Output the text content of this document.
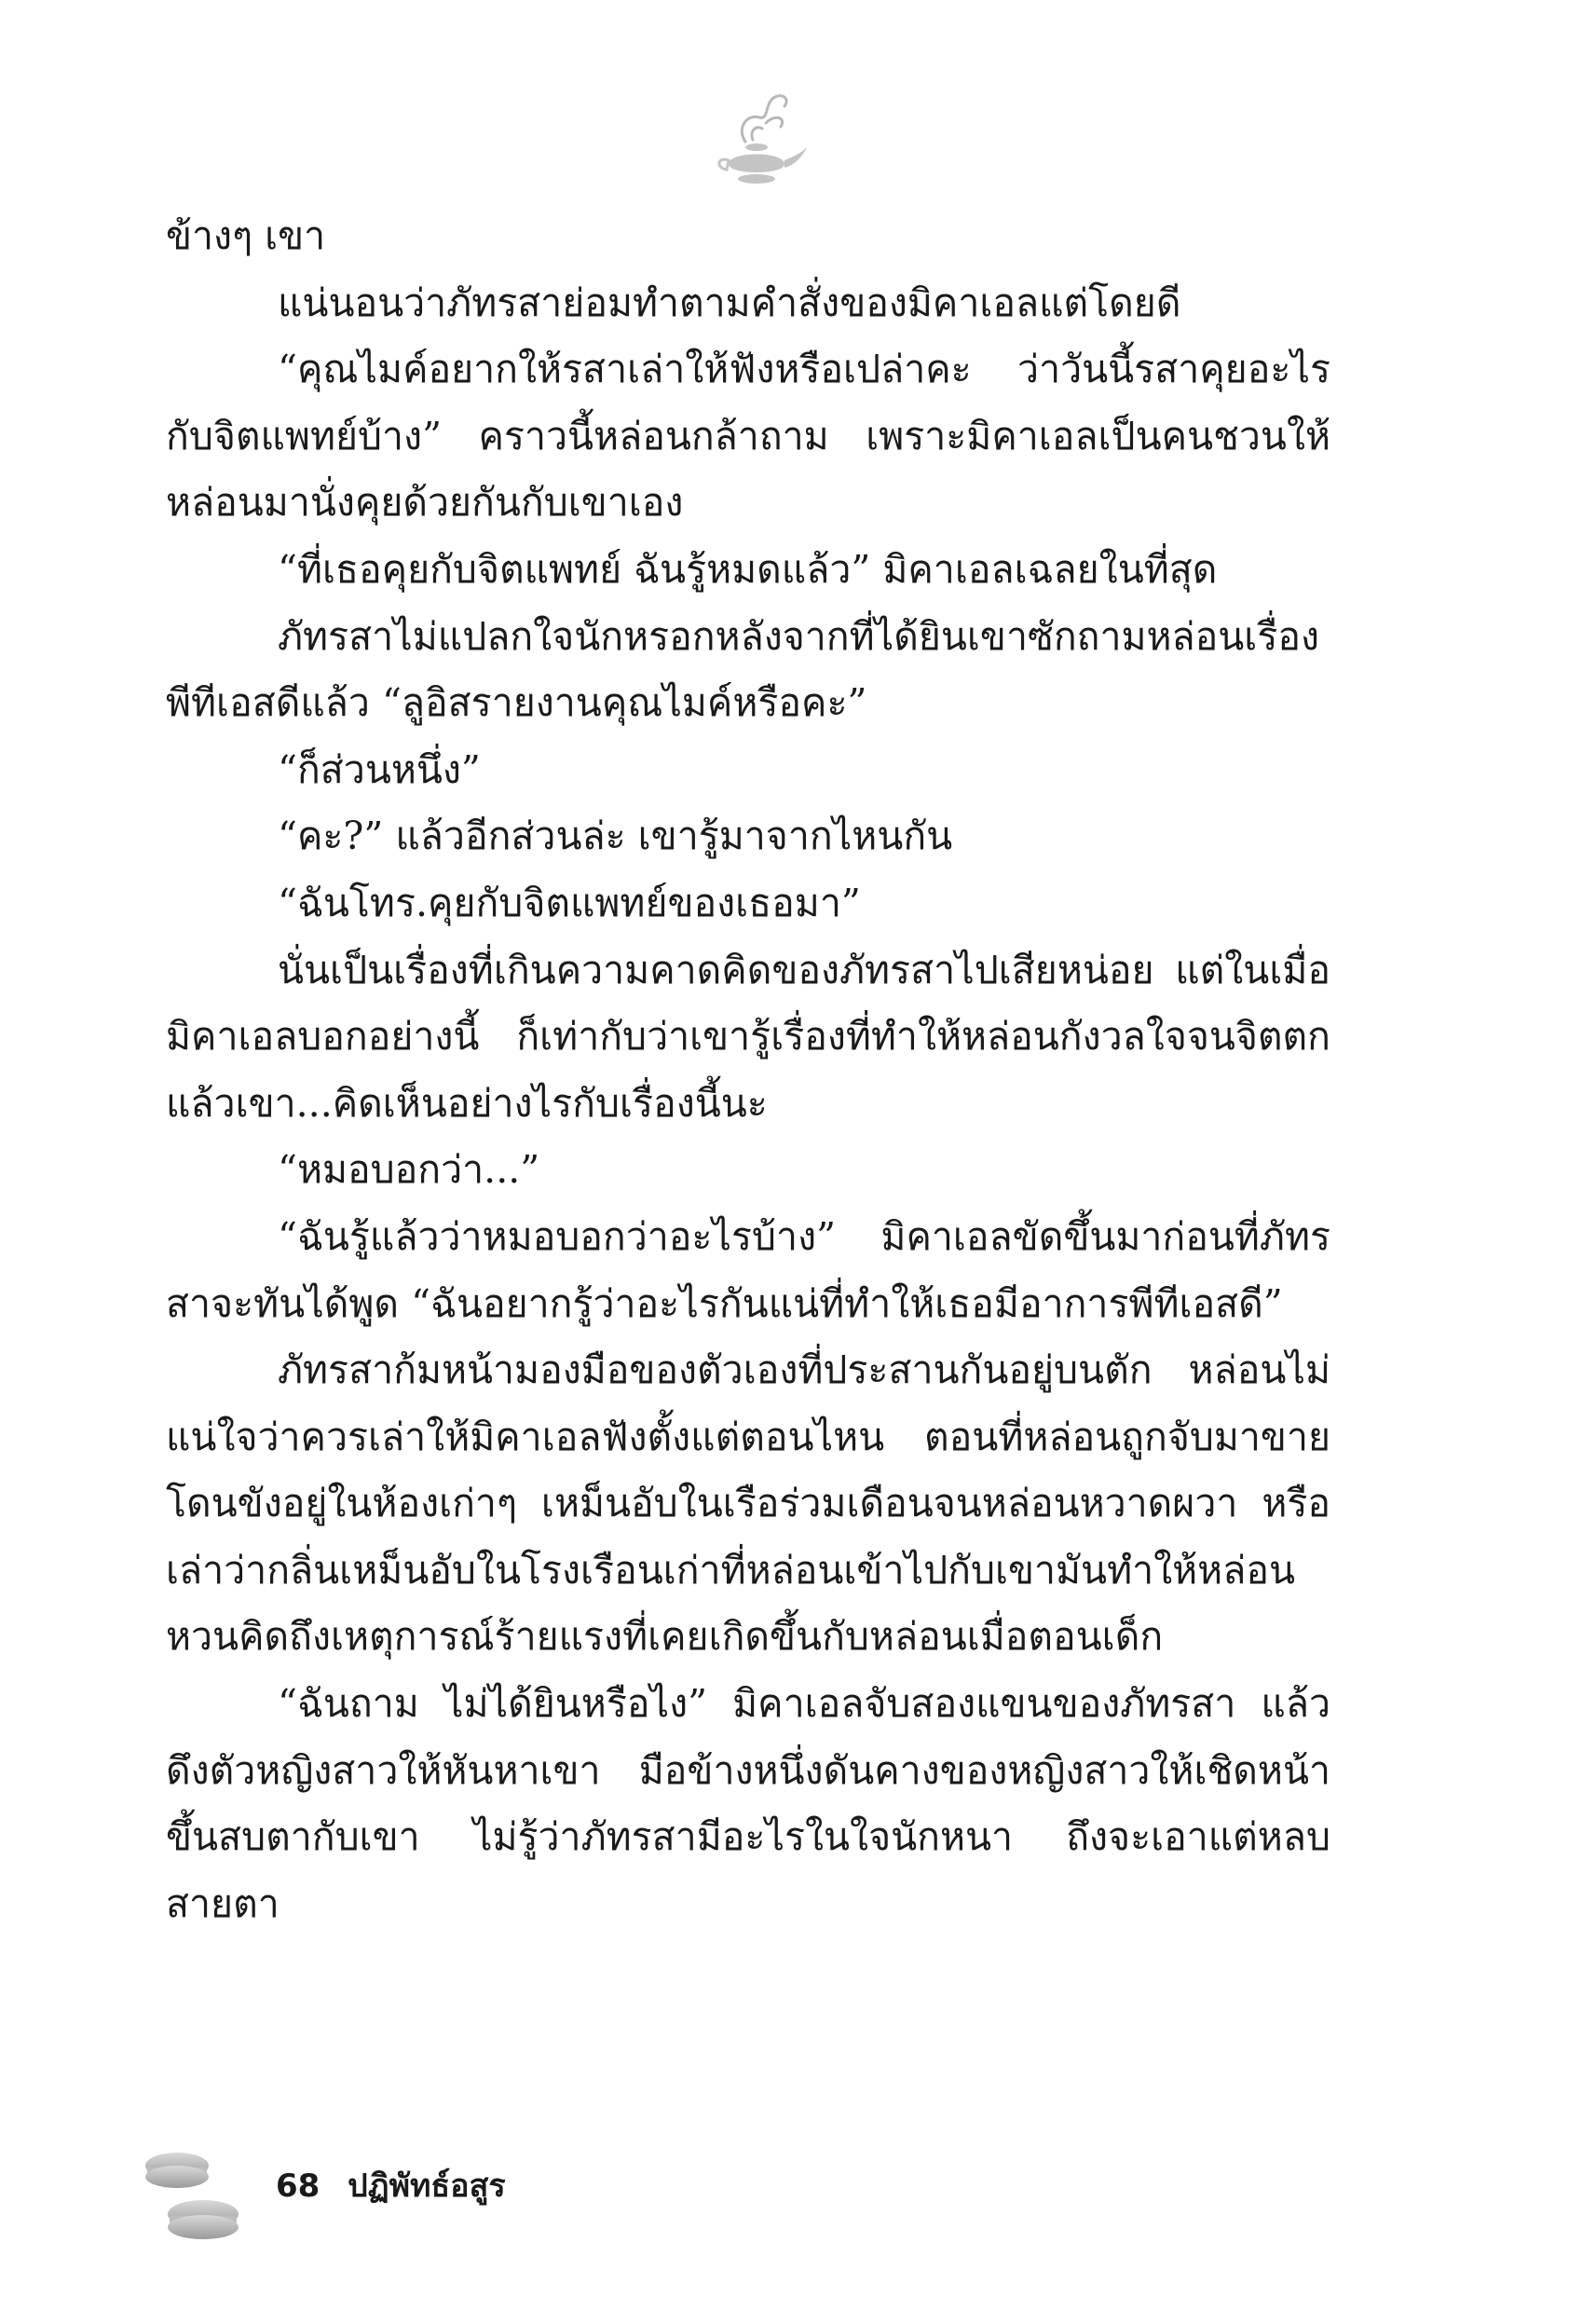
ข้างๆ เขา

แน่นอนว่าภัทรสาย่อมทำตามคำสั่งของมิคาเอลแต่โดยดี

“คุณไมค์อยากให้รสาเล่าให้ฟังหรือเปล่าคะ ว่าวันนี้รสาคุยอะไรกับจิตแพทย์บ้าง” คราวนี้หล่อนกล้าถาม เพราะมิคาเอลเป็นคนชวนให้หล่อนมานั่งคุยด้วยกันกับเขาเอง

“ที่เธอคุยกับจิตแพทย์ ฉันรู้หมดแล้ว” มิคาเอลเฉลยในที่สุด

ภัทรสาไม่แปลกใจนักหรอกหลังจากที่ได้ยินเขาซักถามหล่อนเรื่องพีทีเอสดีแล้ว “ลูอิสรายงานคุณไมค์หรือคะ”

“ก็ส่วนหนึ่ง”

“คะ?” แล้วอีกส่วนล่ะ เขารู้มาจากไหนกัน

“ฉันโทร.คุยกับจิตแพทย์ของเธอมา”

นั่นเป็นเรื่องที่เกินความคาดคิดของภัทรสาไปเสียหน่อย แต่ในเมื่อมิคาเอลบอกอย่างนี้ ก็เท่ากับว่าเขารู้เรื่องที่ทำให้หล่อนกังวลใจจนจิตตก แล้วเขา...คิดเห็นอย่างไรกับเรื่องนี้นะ

“หมอบอกว่า...”

“ฉันรู้แล้วว่าหมอบอกว่าอะไรบ้าง” มิคาเอลขัดขึ้นมาก่อนที่ภัทรสาจะทันได้พูด “ฉันอยากรู้ว่าอะไรกันแน่ที่ทำให้เธอมีอาการพีทีเอสดี”

ภัทรสาก้มหน้ามองมือของตัวเองที่ประสานกันอยู่บนตัก หล่อนไม่แน่ใจว่าควรเล่าให้มิคาเอลฟังตั้งแต่ตอนไหน ตอนที่หล่อนถูกจับมาขาย โดนขังอยู่ในห้องเก่าๆ เหม็นอับในเรือร่วมเดือนจนหล่อนหวาดผวา หรือเล่าว่ากลิ่นเหม็นอับในโรงเรือนเก่าที่หล่อนเข้าไปกับเขามันทำให้หล่อนหวนคิดถึงเหตุการณ์ร้ายแรงที่เคยเกิดขึ้นกับหล่อนเมื่อตอนเด็ก

“ฉันถาม ไม่ได้ยินหรือไง” มิคาเอลจับสองแขนของภัทรสา แล้วดึงตัวหญิงสาวให้หันหาเขา มือข้างหนึ่งดันคางของหญิงสาวให้เชิดหน้าขึ้นสบตากับเขา ไม่รู้ว่าภัทรสามีอะไรในใจนักหนา ถึงจะเอาแต่หลบสายตา

68 ปฏิพัทธ์อสูร
